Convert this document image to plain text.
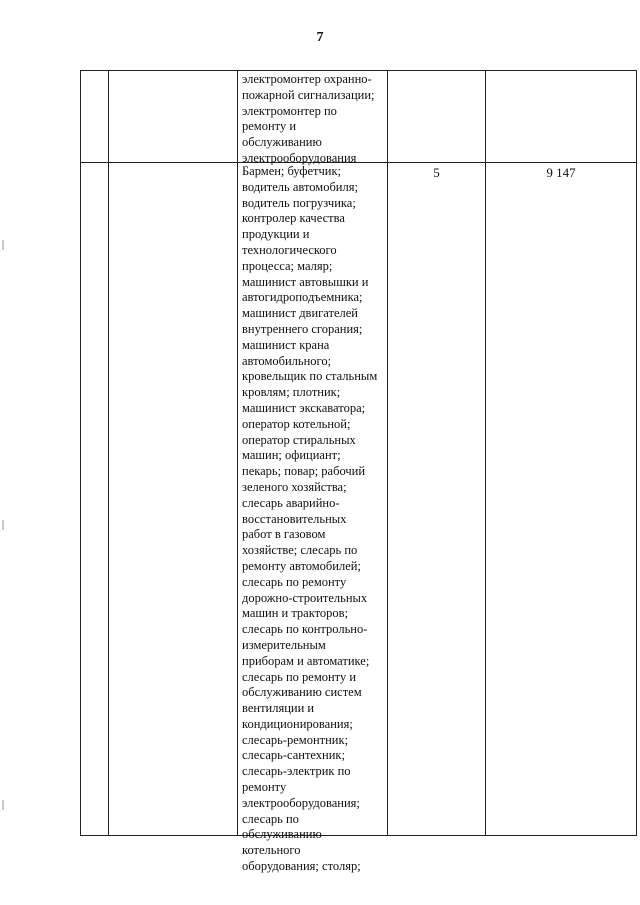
7
электромонтер охранно-
пожарной сигнализации;
электромонтер по
ремонту и
обслуживанию
электрооборудования
Бармен; буфетчик;
водитель автомобиля;
водитель погрузчика;
контролер качества
продукции и
технологического
процесса; маляр;
машинист автовышки и
автогидроподъемника;
машинист двигателей
внутреннего сгорания;
машинист крана
автомобильного;
кровельщик по стальным
кровлям; плотник;
машинист экскаватора;
оператор котельной;
оператор стиральных
машин; официант;
пекарь; повар; рабочий
зеленого хозяйства;
слесарь аварийно-
восстановительных
работ в газовом
хозяйстве; слесарь по
ремонту автомобилей;
слесарь по ремонту
дорожно-строительных
машин и тракторов;
слесарь по контрольно-
измерительным
приборам и автоматике;
слесарь по ремонту и
обслуживанию систем
вентиляции и
кондиционирования;
слесарь-ремонтник;
слесарь-сантехник;
слесарь-электрик по
ремонту
электрооборудования;
слесарь по
обслуживанию
котельного
оборудования; столяр;
5	9 147
